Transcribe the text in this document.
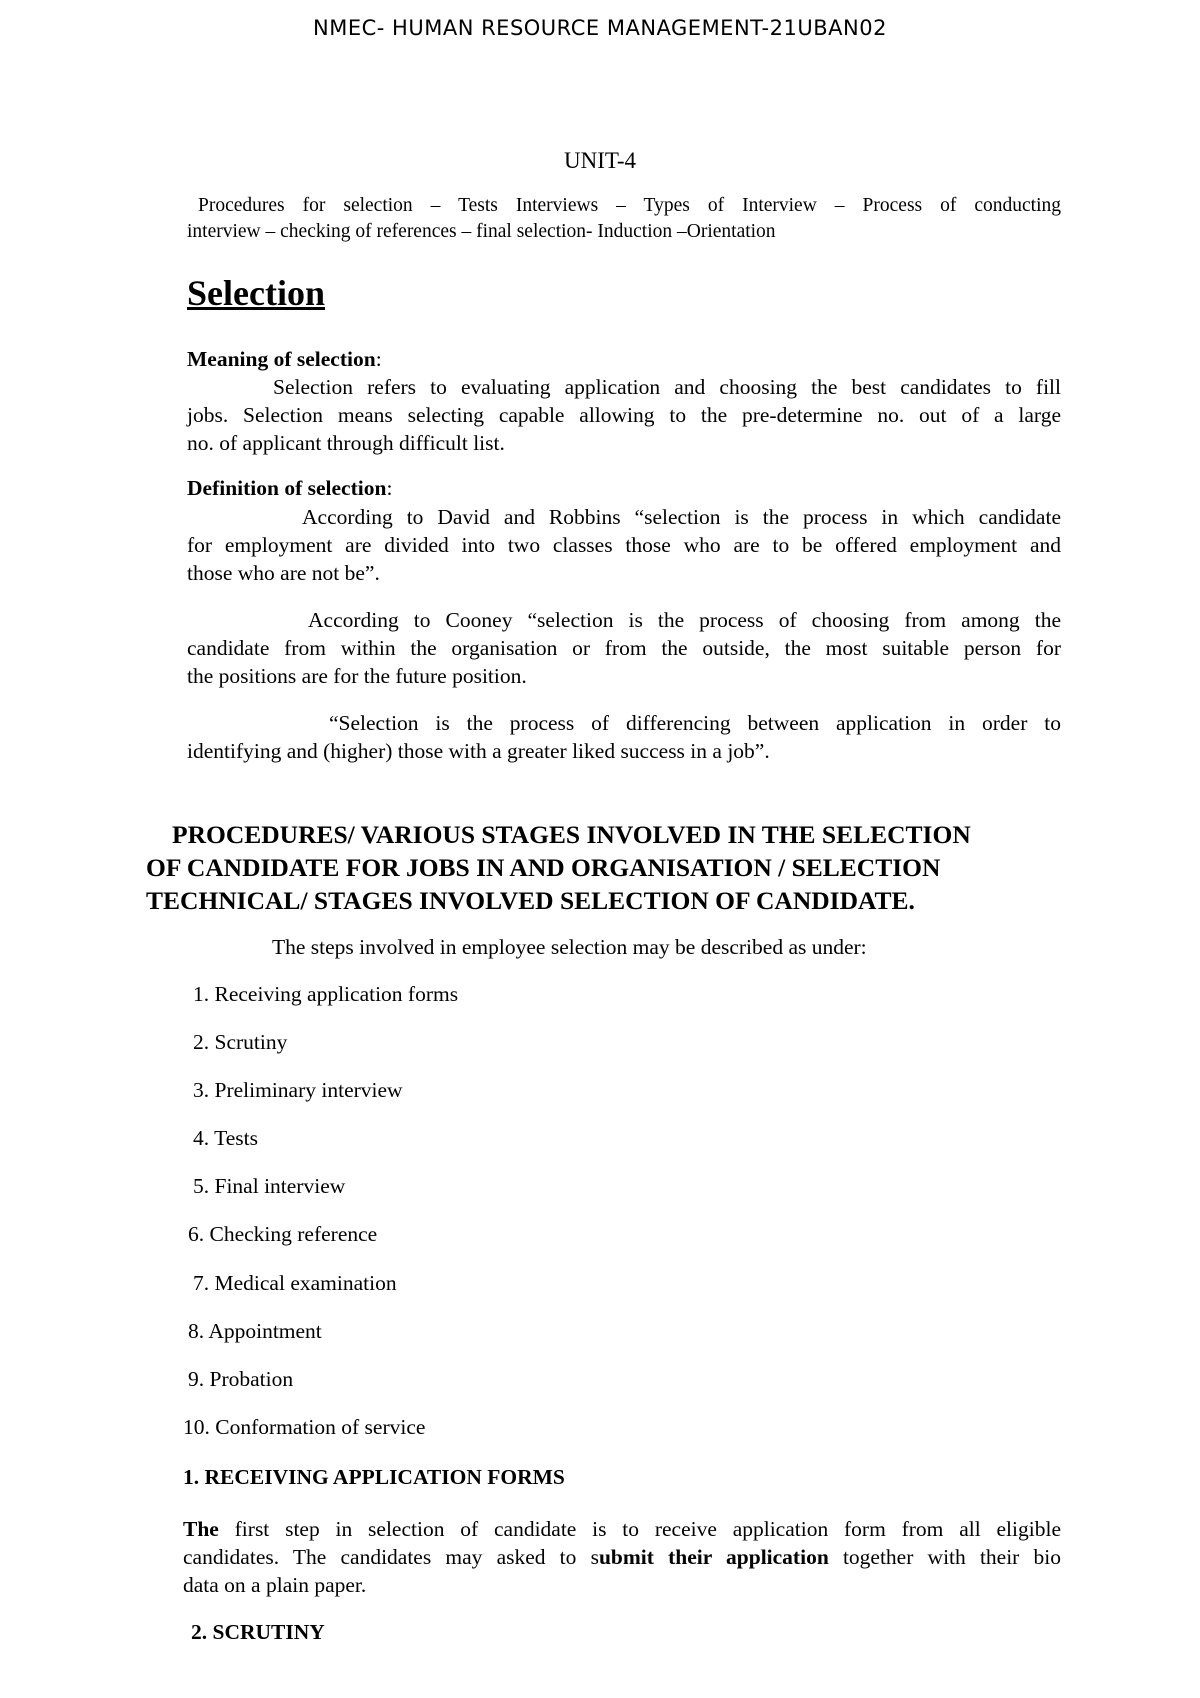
NMEC- HUMAN RESOURCE MANAGEMENT-21UBAN02
UNIT-4
Procedures for selection – Tests Interviews – Types of Interview – Process of conducting
interview – checking of references – final selection- Induction –Orientation
Selection
Meaning of selection:
Selection refers to evaluating application and choosing the best candidates to fill
jobs. Selection means selecting capable allowing to the pre-determine no. out of a large
no. of applicant through difficult list.
Definition of selection:
According to David and Robbins “selection is the process in which candidate
for employment are divided into two classes those who are to be offered employment and
those who are not be”.
According to Cooney “selection is the process of choosing from among the
candidate from within the organisation or from the outside, the most suitable person for
the positions are for the future position.
“Selection is the process of differencing between application in order to
identifying and (higher) those with a greater liked success in a job”.
PROCEDURES/ VARIOUS STAGES INVOLVED IN THE SELECTION
OF CANDIDATE FOR JOBS IN AND ORGANISATION / SELECTION
TECHNICAL/ STAGES INVOLVED SELECTION OF CANDIDATE.
The steps involved in employee selection may be described as under:
1. Receiving application forms
2. Scrutiny
3. Preliminary interview
4. Tests
5. Final interview
6. Checking reference
7. Medical examination
8. Appointment
9. Probation
10. Conformation of service
1. RECEIVING APPLICATION FORMS
The first step in selection of candidate is to receive application form from all eligible
candidates. The candidates may asked to submit their application together with their bio
data on a plain paper.
2. SCRUTINY
